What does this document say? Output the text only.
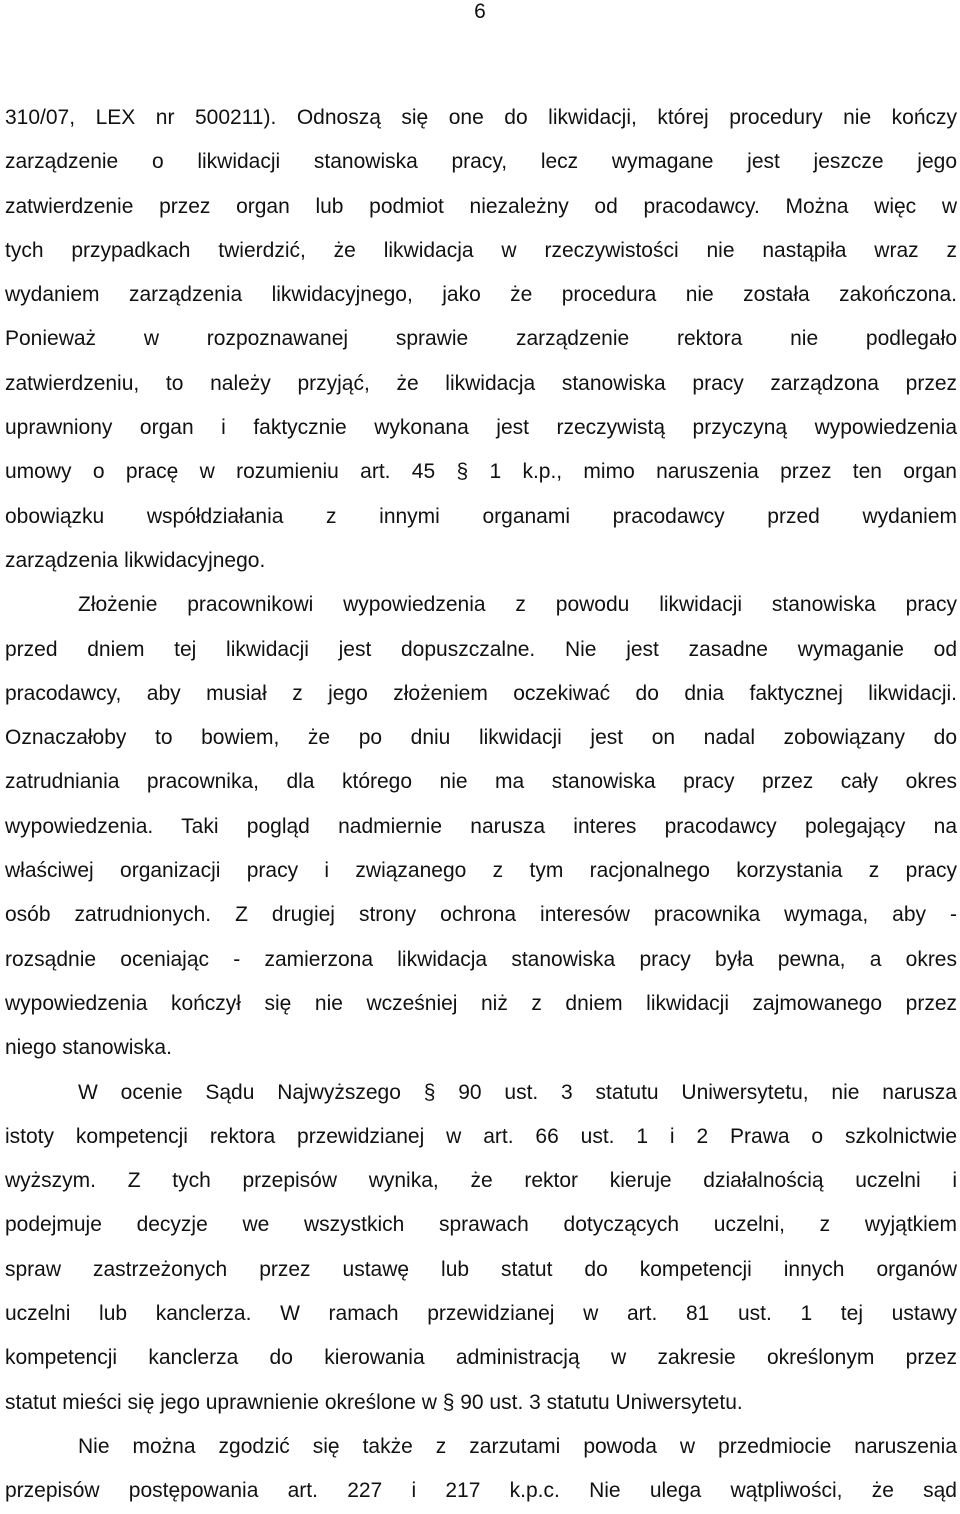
6

310/07, LEX nr 500211). Odnoszą się one do likwidacji, której procedury nie kończy

zarządzenie o likwidacji stanowiska pracy, lecz wymagane jest jeszcze jego

zatwierdzenie przez organ lub podmiot niezależny od pracodawcy. Można więc w

tych przypadkach twierdzić, że likwidacja w rzeczywistości nie nastąpiła wraz z

wydaniem zarządzenia likwidacyjnego, jako że procedura nie została zakończona.

Ponieważ w rozpoznawanej sprawie zarządzenie rektora nie podlegało

zatwierdzeniu, to należy przyjąć, że likwidacja stanowiska pracy zarządzona przez

uprawniony organ i faktycznie wykonana jest rzeczywistą przyczyną wypowiedzenia

umowy o pracę w rozumieniu art. 45 § 1 k.p., mimo naruszenia przez ten organ

obowiązku współdziałania z innymi organami pracodawcy przed wydaniem

zarządzenia likwidacyjnego.

Złożenie pracownikowi wypowiedzenia z powodu likwidacji stanowiska pracy

przed dniem tej likwidacji jest dopuszczalne. Nie jest zasadne wymaganie od

pracodawcy, aby musiał z jego złożeniem oczekiwać do dnia faktycznej likwidacji.

Oznaczałoby to bowiem, że po dniu likwidacji jest on nadal zobowiązany do

zatrudniania pracownika, dla którego nie ma stanowiska pracy przez cały okres

wypowiedzenia. Taki pogląd nadmiernie narusza interes pracodawcy polegający na

właściwej organizacji pracy i związanego z tym racjonalnego korzystania z pracy

osób zatrudnionych. Z drugiej strony ochrona interesów pracownika wymaga, aby -

rozsądnie oceniając - zamierzona likwidacja stanowiska pracy była pewna, a okres

wypowiedzenia kończył się nie wcześniej niż z dniem likwidacji zajmowanego przez

niego stanowiska.

W ocenie Sądu Najwyższego § 90 ust. 3 statutu Uniwersytetu, nie narusza

istoty kompetencji rektora przewidzianej w art. 66 ust. 1 i 2 Prawa o szkolnictwie

wyższym. Z tych przepisów wynika, że rektor kieruje działalnością uczelni i

podejmuje decyzje we wszystkich sprawach dotyczących uczelni, z wyjątkiem

spraw zastrzeżonych przez ustawę lub statut do kompetencji innych organów

uczelni lub kanclerza. W ramach przewidzianej w art. 81 ust. 1 tej ustawy

kompetencji kanclerza do kierowania administracją w zakresie określonym przez

statut mieści się jego uprawnienie określone w § 90 ust. 3 statutu Uniwersytetu.

Nie można zgodzić się także z zarzutami powoda w przedmiocie naruszenia

przepisów postępowania art. 227 i 217 k.p.c. Nie ulega wątpliwości, że sąd
